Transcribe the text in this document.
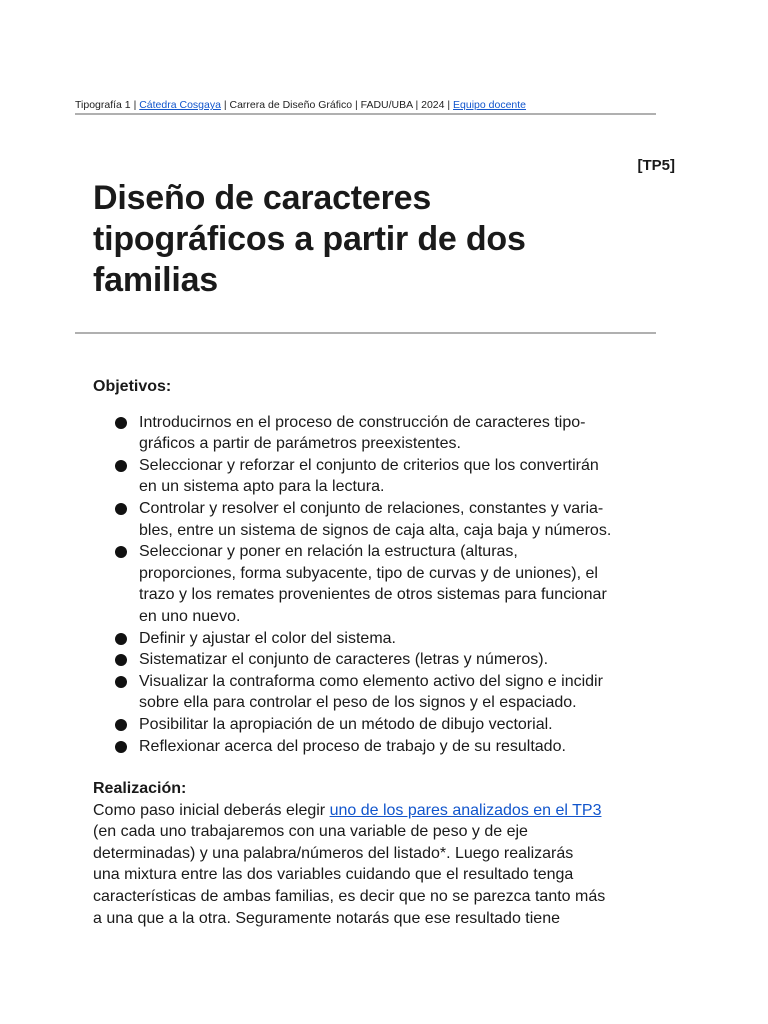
Tipografía 1 | Cátedra Cosgaya | Carrera de Diseño Gráfico | FADU/UBA | 2024 | Equipo docente
[TP5]
Diseño de caracteres
tipográficos a partir de dos
familias
Objetivos:
Introducirnos en el proceso de construcción de caracteres tipo-
gráficos a partir de parámetros preexistentes.
Seleccionar y reforzar el conjunto de criterios que los convertirán
en un sistema apto para la lectura.
Controlar y resolver el conjunto de relaciones, constantes y varia-
bles, entre un sistema de signos de caja alta, caja baja y números.
Seleccionar y poner en relación la estructura (alturas,
proporciones, forma subyacente, tipo de curvas y de uniones), el
trazo y los remates provenientes de otros sistemas para funcionar
en uno nuevo.
Definir y ajustar el color del sistema.
Sistematizar el conjunto de caracteres (letras y números).
Visualizar la contraforma como elemento activo del signo e incidir
sobre ella para controlar el peso de los signos y el espaciado.
Posibilitar la apropiación de un método de dibujo vectorial.
Reflexionar acerca del proceso de trabajo y de su resultado.
Realización:
Como paso inicial deberás elegir uno de los pares analizados en el TP3
(en cada uno trabajaremos con una variable de peso y de eje
determinadas) y una palabra/números del listado*. Luego realizarás
una mixtura entre las dos variables cuidando que el resultado tenga
características de ambas familias, es decir que no se parezca tanto más
a una que a la otra. Seguramente notarás que ese resultado tiene
